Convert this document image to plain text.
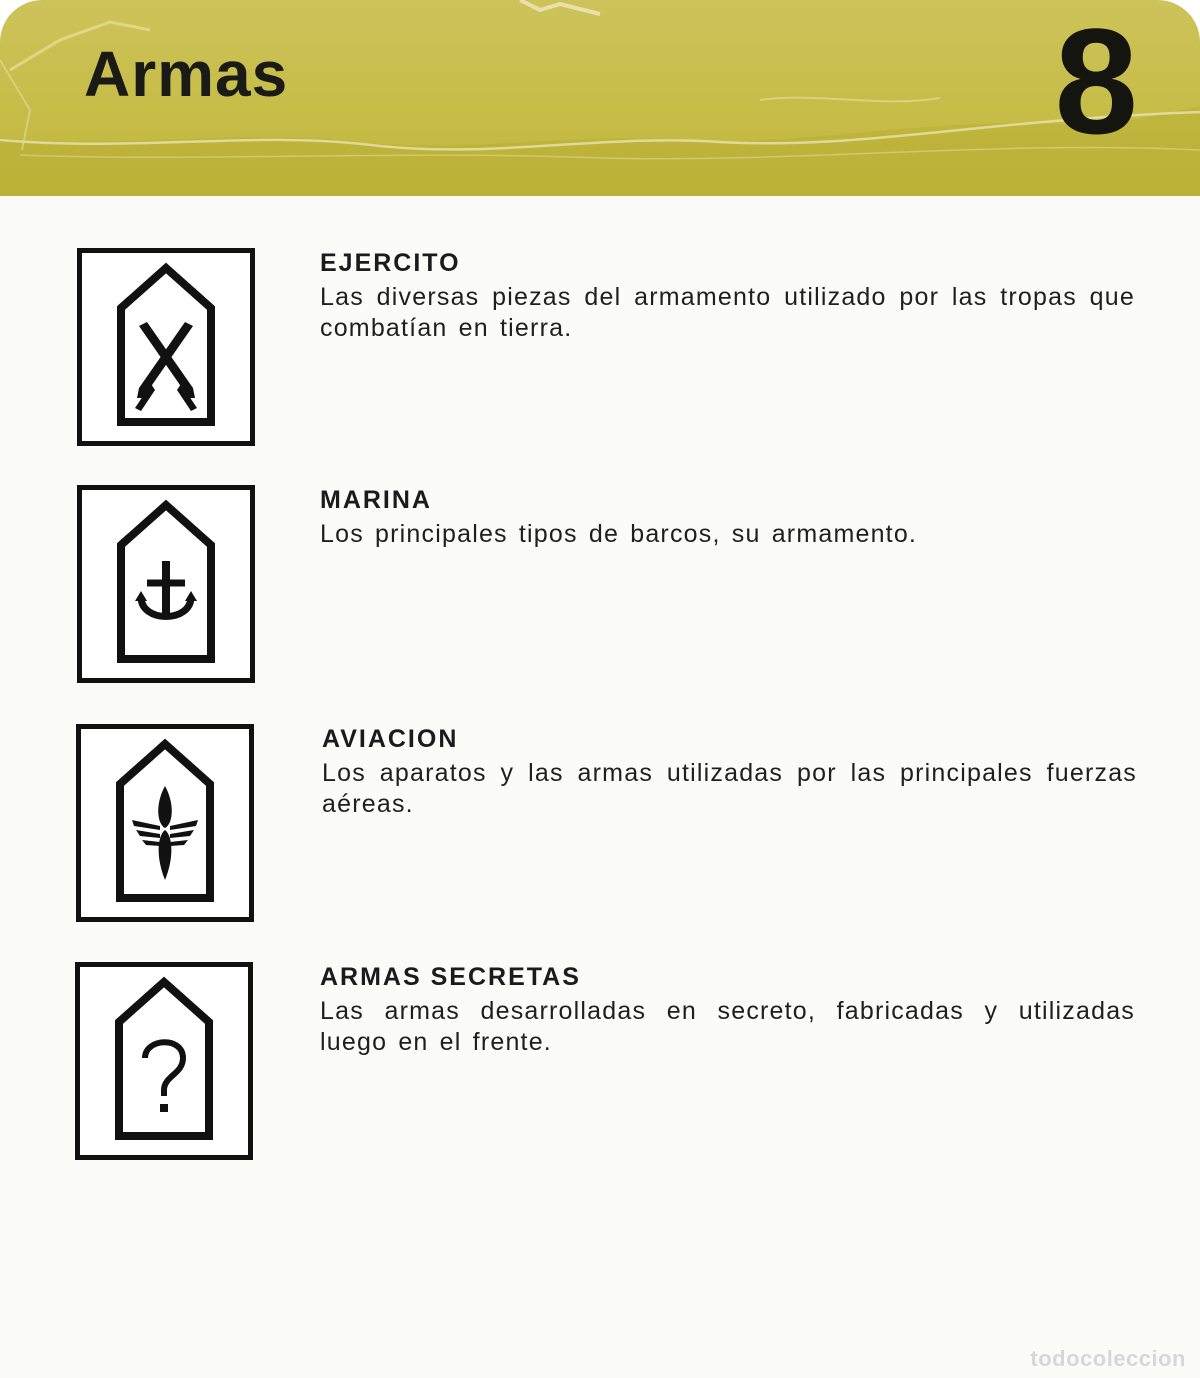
Armas	8
EJERCITO

Las diversas piezas del armamento utilizado por las tropas que combatían en tierra.

MARINA

Los principales tipos de barcos, su armamento.

AVIACION

Los aparatos y las armas utilizadas por las principales fuerzas aéreas.

ARMAS SECRETAS

Las armas desarrolladas en secreto, fabricadas y utilizadas luego en el frente.

todocoleccion
